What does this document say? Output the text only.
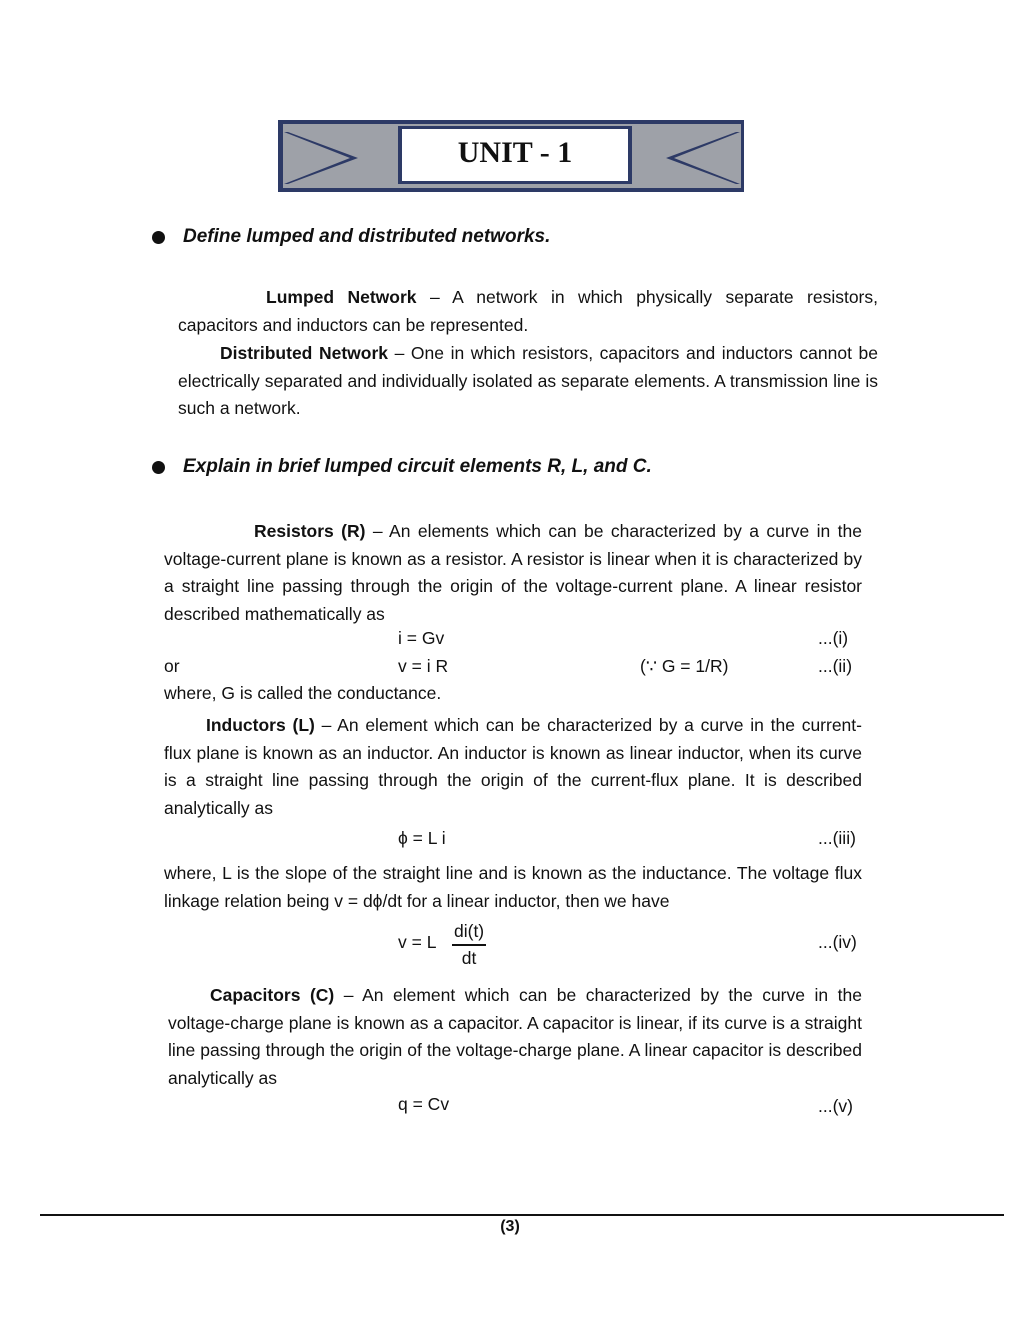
UNIT - 1
Define lumped and distributed networks.
Lumped Network – A network in which physically separate resistors, capacitors and inductors can be represented.
Distributed Network – One in which resistors, capacitors and inductors cannot be electrically separated and individually isolated as separate elements. A transmission line is such a network.
Explain in brief lumped circuit elements R, L, and C.
Resistors (R) – An elements which can be characterized by a curve in the voltage-current plane is known as a resistor. A resistor is linear when it is characterized by a straight line passing through the origin of the voltage-current plane. A linear resistor described mathematically as
i = Gv	...(i)
or	v = i R	(∵ G = 1/R)	...(ii)
where, G is called the conductance.
Inductors (L) – An element which can be characterized by a curve in the current-flux plane is known as an inductor. An inductor is known as linear inductor, when its curve is a straight line passing through the origin of the current-flux plane. It is described analytically as
ϕ = L i	...(iii)
where, L is the slope of the straight line and is known as the inductance. The voltage flux linkage relation being v = dϕ/dt for a linear inductor, then we have
v = L $\frac{di(t)}{dt}$	...(iv)
Capacitors (C) – An element which can be characterized by the curve in the voltage-charge plane is known as a capacitor. A capacitor is linear, if its curve is a straight line passing through the origin of the voltage-charge plane. A linear capacitor is described analytically as
q = Cv	...(v)
(3)
